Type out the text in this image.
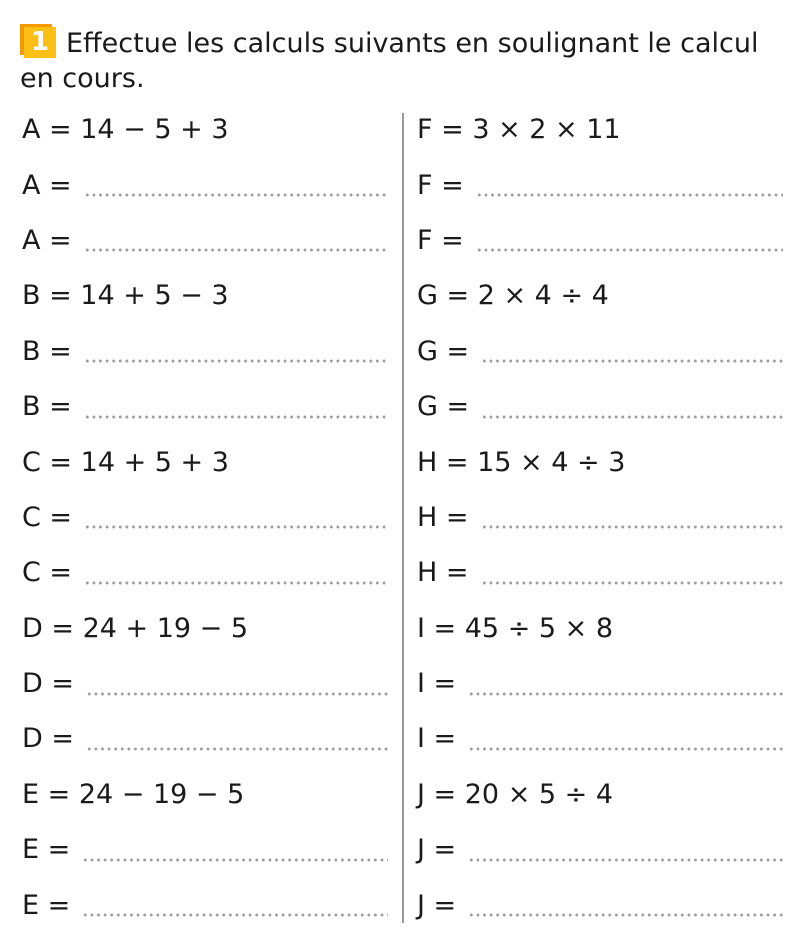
1 Effectue les calculs suivants en soulignant le calcul en cours.
A = 14 − 5 + 3
A =
A =
B = 14 + 5 − 3
B =
B =
C = 14 + 5 + 3
C =
C =
D = 24 + 19 − 5
D =
D =
E = 24 − 19 − 5
E =
E =
F = 3 × 2 × 11
F =
F =
G = 2 × 4 ÷ 4
G =
G =
H = 15 × 4 ÷ 3
H =
H =
I = 45 ÷ 5 × 8
I =
I =
J = 20 × 5 ÷ 4
J =
J =
